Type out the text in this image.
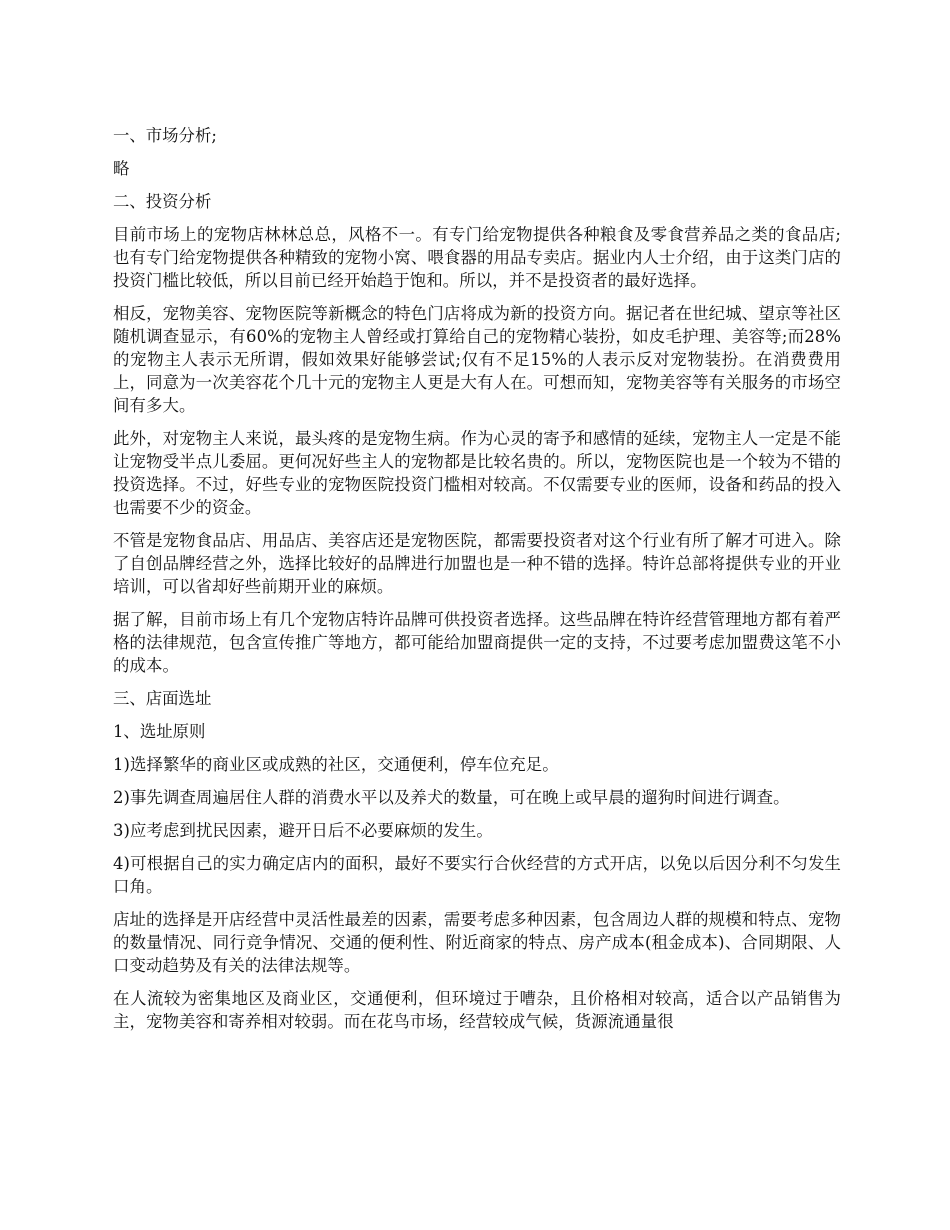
一、市场分析;

略

二、投资分析

目前市场上的宠物店林林总总，风格不一。有专门给宠物提供各种粮食及零食营养品之类的食品店;也有专门给宠物提供各种精致的宠物小窝、喂食器的用品专卖店。据业内人士介绍，由于这类门店的投资门槛比较低，所以目前已经开始趋于饱和。所以，并不是投资者的最好选择。

相反，宠物美容、宠物医院等新概念的特色门店将成为新的投资方向。据记者在世纪城、望京等社区随机调查显示，有60%的宠物主人曾经或打算给自己的宠物精心装扮，如皮毛护理、美容等;而28%的宠物主人表示无所谓，假如效果好能够尝试;仅有不足15%的人表示反对宠物装扮。在消费费用上，同意为一次美容花个几十元的宠物主人更是大有人在。可想而知，宠物美容等有关服务的市场空间有多大。

此外，对宠物主人来说，最头疼的是宠物生病。作为心灵的寄予和感情的延续，宠物主人一定是不能让宠物受半点儿委屈。更何况好些主人的宠物都是比较名贵的。所以，宠物医院也是一个较为不错的投资选择。不过，好些专业的宠物医院投资门槛相对较高。不仅需要专业的医师，设备和药品的投入也需要不少的资金。

不管是宠物食品店、用品店、美容店还是宠物医院，都需要投资者对这个行业有所了解才可进入。除了自创品牌经营之外，选择比较好的品牌进行加盟也是一种不错的选择。特许总部将提供专业的开业培训，可以省却好些前期开业的麻烦。

据了解，目前市场上有几个宠物店特许品牌可供投资者选择。这些品牌在特许经营管理地方都有着严格的法律规范，包含宣传推广等地方，都可能给加盟商提供一定的支持，不过要考虑加盟费这笔不小的成本。

三、店面选址

1、选址原则

1)选择繁华的商业区或成熟的社区，交通便利，停车位充足。

2)事先调查周遍居住人群的消费水平以及养犬的数量，可在晚上或早晨的遛狗时间进行调查。

3)应考虑到扰民因素，避开日后不必要麻烦的发生。

4)可根据自己的实力确定店内的面积，最好不要实行合伙经营的方式开店，以免以后因分利不匀发生口角。

店址的选择是开店经营中灵活性最差的因素，需要考虑多种因素，包含周边人群的规模和特点、宠物的数量情况、同行竞争情况、交通的便利性、附近商家的特点、房产成本(租金成本)、合同期限、人口变动趋势及有关的法律法规等。

在人流较为密集地区及商业区，交通便利，但环境过于嘈杂，且价格相对较高，适合以产品销售为主，宠物美容和寄养相对较弱。而在花鸟市场，经营较成气候，货源流通量很
